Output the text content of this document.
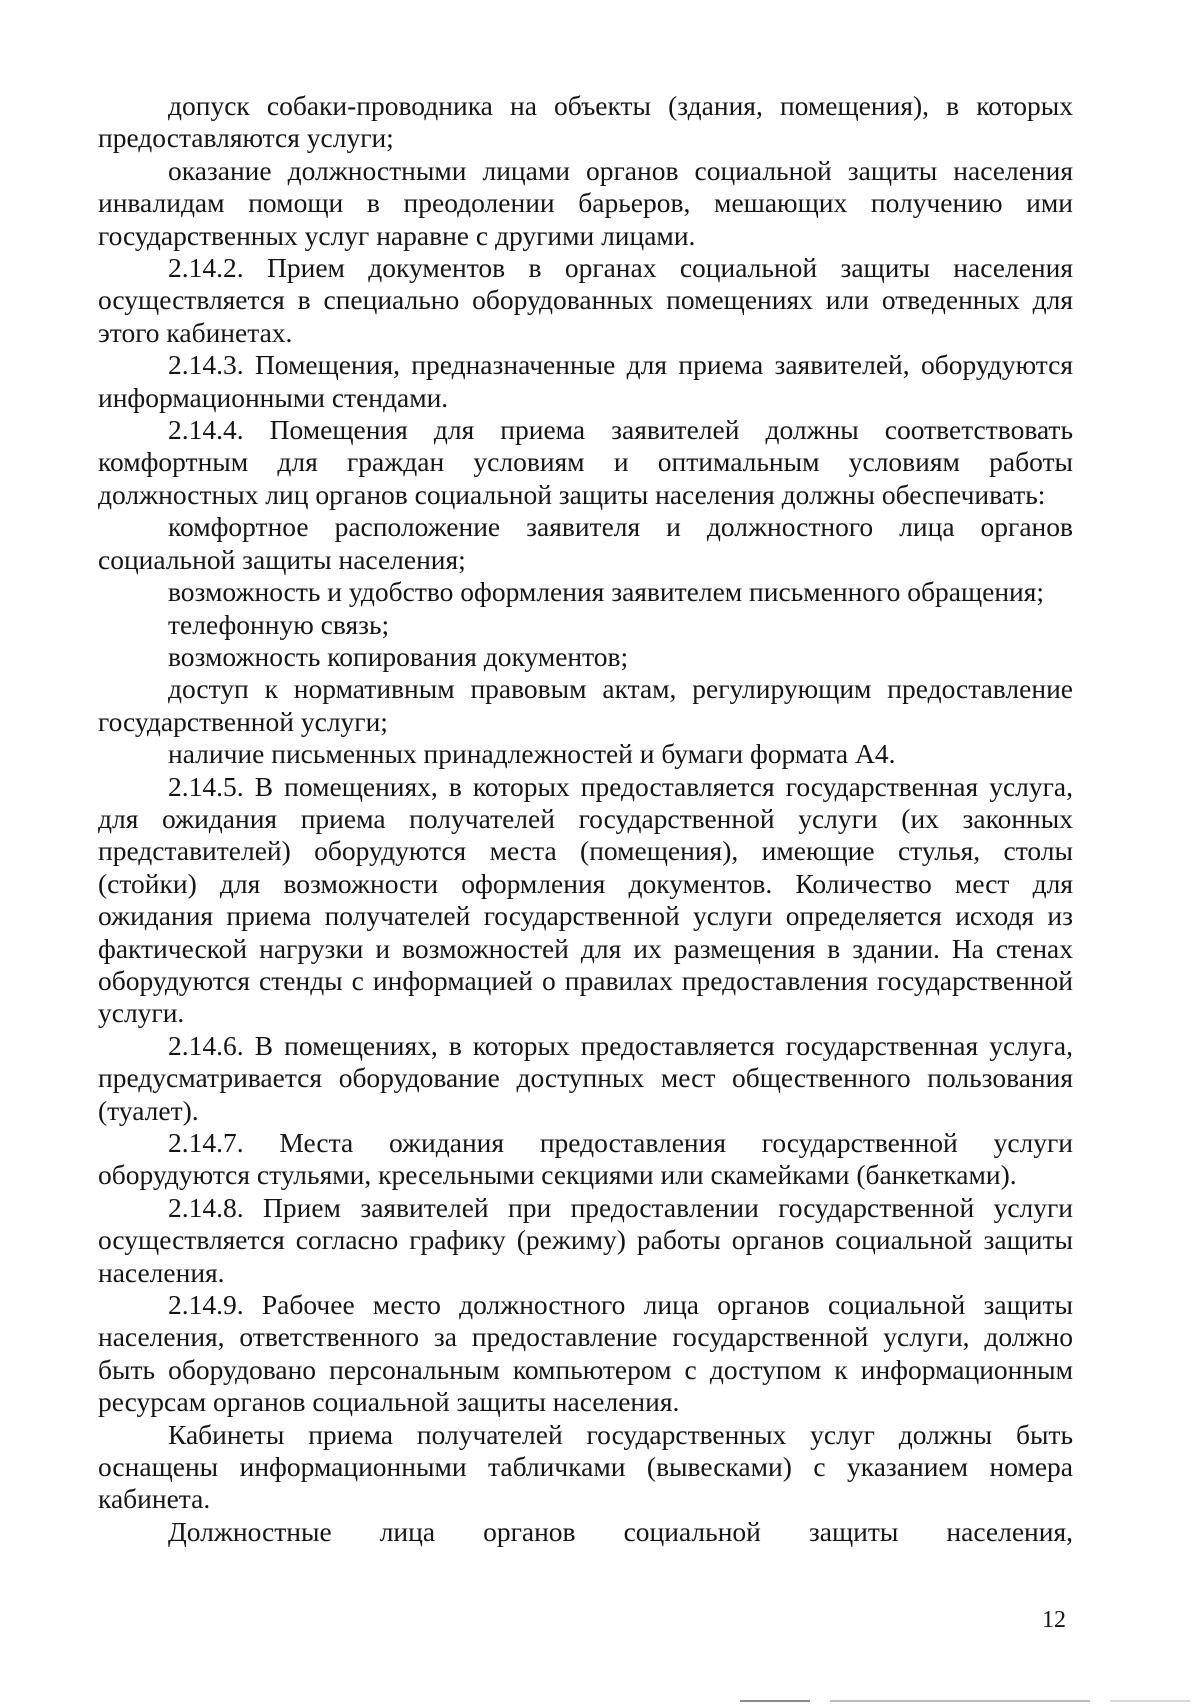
допуск собаки-проводника на объекты (здания, помещения), в которых предоставляются услуги;

оказание должностными лицами органов социальной защиты населения инвалидам помощи в преодолении барьеров, мешающих получению ими государственных услуг наравне с другими лицами.

2.14.2. Прием документов в органах социальной защиты населения осуществляется в специально оборудованных помещениях или отведенных для этого кабинетах.

2.14.3. Помещения, предназначенные для приема заявителей, оборудуются информационными стендами.

2.14.4. Помещения для приема заявителей должны соответствовать комфортным для граждан условиям и оптимальным условиям работы должностных лиц органов социальной защиты населения должны обеспечивать:

комфортное расположение заявителя и должностного лица органов социальной защиты населения;

возможность и удобство оформления заявителем письменного обращения;

телефонную связь;

возможность копирования документов;

доступ к нормативным правовым актам, регулирующим предоставление государственной услуги;

наличие письменных принадлежностей и бумаги формата А4.

2.14.5. В помещениях, в которых предоставляется государственная услуга, для ожидания приема получателей государственной услуги (их законных представителей) оборудуются места (помещения), имеющие стулья, столы (стойки) для возможности оформления документов. Количество мест для ожидания приема получателей государственной услуги определяется исходя из фактической нагрузки и возможностей для их размещения в здании. На стенах оборудуются стенды с информацией о правилах предоставления государственной услуги.

2.14.6. В помещениях, в которых предоставляется государственная услуга, предусматривается оборудование доступных мест общественного пользования (туалет).

2.14.7. Места ожидания предоставления государственной услуги оборудуются стульями, кресельными секциями или скамейками (банкетками).

2.14.8. Прием заявителей при предоставлении государственной услуги осуществляется согласно графику (режиму) работы органов социальной защиты населения.

2.14.9. Рабочее место должностного лица органов социальной защиты населения, ответственного за предоставление государственной услуги, должно быть оборудовано персональным компьютером с доступом к информационным ресурсам органов социальной защиты населения.

Кабинеты приема получателей государственных услуг должны быть оснащены информационными табличками (вывесками) с указанием номера кабинета.

Должностные лица органов социальной защиты населения,

12
